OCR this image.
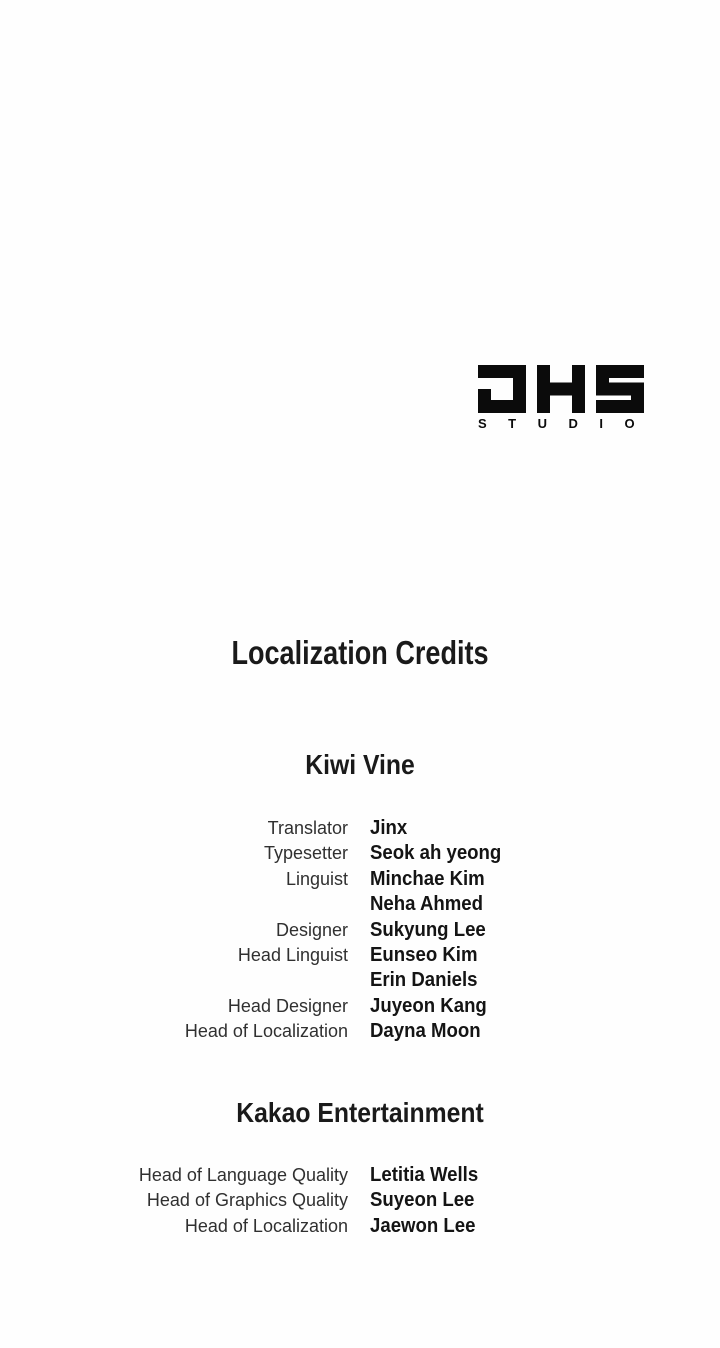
STUDIO
Localization Credits
Kiwi Vine
Translator Jinx
Typesetter Seok ah yeong
Linguist Minchae Kim
Neha Ahmed
Designer Sukyung Lee
Head Linguist Eunseo Kim
Erin Daniels
Head Designer Juyeon Kang
Head of Localization Dayna Moon
Kakao Entertainment
Head of Language Quality Letitia Wells
Head of Graphics Quality Suyeon Lee
Head of Localization Jaewon Lee
